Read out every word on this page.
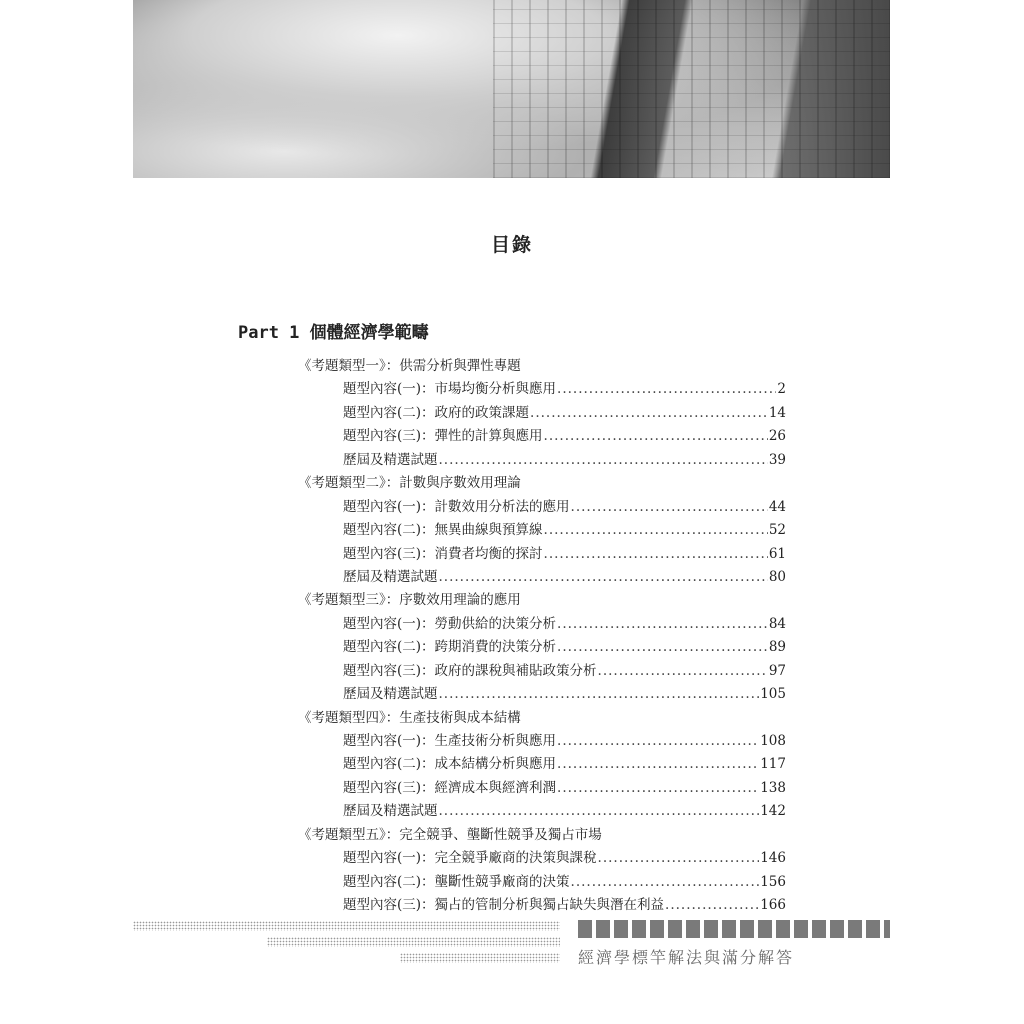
目錄
Part 1 個體經濟學範疇
《考題類型一》：供需分析與彈性專題
題型內容(一)：市場均衡分析與應用 .....	2
題型內容(二)：政府的政策課題 .....	14
題型內容(三)：彈性的計算與應用 .....	26
歷屆及精選試題 .....	39
《考題類型二》：計數與序數效用理論
題型內容(一)：計數效用分析法的應用 .....	44
題型內容(二)：無異曲線與預算線 .....	52
題型內容(三)：消費者均衡的探討 .....	61
歷屆及精選試題 .....	80
《考題類型三》：序數效用理論的應用
題型內容(一)：勞動供給的決策分析 .....	84
題型內容(二)：跨期消費的決策分析 .....	89
題型內容(三)：政府的課稅與補貼政策分析 .....	97
歷屆及精選試題 .....	105
《考題類型四》：生產技術與成本結構
題型內容(一)：生產技術分析與應用 .....	108
題型內容(二)：成本結構分析與應用 .....	117
題型內容(三)：經濟成本與經濟利潤 .....	138
歷屆及精選試題 .....	142
《考題類型五》：完全競爭、壟斷性競爭及獨占市場
題型內容(一)：完全競爭廠商的決策與課稅 .....	146
題型內容(二)：壟斷性競爭廠商的決策 .....	156
題型內容(三)：獨占的管制分析與獨占缺失與潛在利益 .....	166
經濟學標竿解法與滿分解答
